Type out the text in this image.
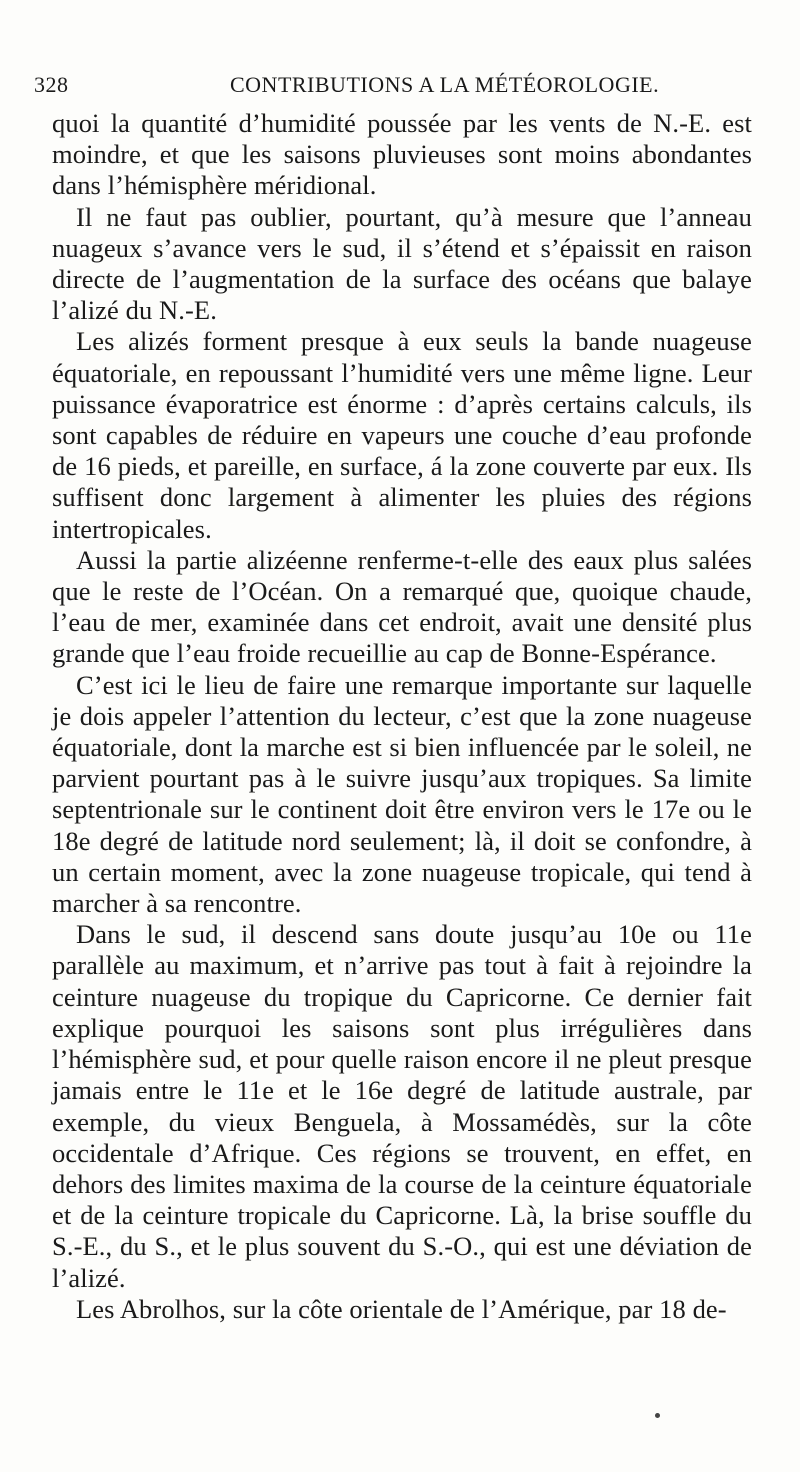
328	CONTRIBUTIONS A LA MÉTÉOROLOGIE.

quoi la quantité d’humidité poussée par les vents de N.-E. est moindre, et que les saisons pluvieuses sont moins abondantes dans l’hémisphère méridional.

Il ne faut pas oublier, pourtant, qu’à mesure que l’anneau nuageux s’avance vers le sud, il s’étend et s’épaissit en raison directe de l’augmentation de la surface des océans que balaye l’alizé du N.-E.

Les alizés forment presque à eux seuls la bande nuageuse équatoriale, en repoussant l’humidité vers une même ligne. Leur puissance évaporatrice est énorme : d’après certains calculs, ils sont capables de réduire en vapeurs une couche d’eau profonde de 16 pieds, et pareille, en surface, á la zone couverte par eux. Ils suffisent donc largement à alimenter les pluies des régions intertropicales.

Aussi la partie alizéenne renferme-t-elle des eaux plus salées que le reste de l’Océan. On a remarqué que, quoique chaude, l’eau de mer, examinée dans cet endroit, avait une densité plus grande que l’eau froide recueillie au cap de Bonne-Espérance.

C’est ici le lieu de faire une remarque importante sur laquelle je dois appeler l’attention du lecteur, c’est que la zone nuageuse équatoriale, dont la marche est si bien influencée par le soleil, ne parvient pourtant pas à le suivre jusqu’aux tropiques. Sa limite septentrionale sur le continent doit être environ vers le 17e ou le 18e degré de latitude nord seulement; là, il doit se confondre, à un certain moment, avec la zone nuageuse tropicale, qui tend à marcher à sa rencontre.

Dans le sud, il descend sans doute jusqu’au 10e ou 11e parallèle au maximum, et n’arrive pas tout à fait à rejoindre la ceinture nuageuse du tropique du Capricorne. Ce dernier fait explique pourquoi les saisons sont plus irrégulières dans l’hémisphère sud, et pour quelle raison encore il ne pleut presque jamais entre le 11e et le 16e degré de latitude australe, par exemple, du vieux Benguela, à Mossamédès, sur la côte occidentale d’Afrique. Ces régions se trouvent, en effet, en dehors des limites maxima de la course de la ceinture équatoriale et de la ceinture tropicale du Capricorne. Là, la brise souffle du S.-E., du S., et le plus souvent du S.-O., qui est une déviation de l’alizé.

Les Abrolhos, sur la côte orientale de l’Amérique, par 18 de-
